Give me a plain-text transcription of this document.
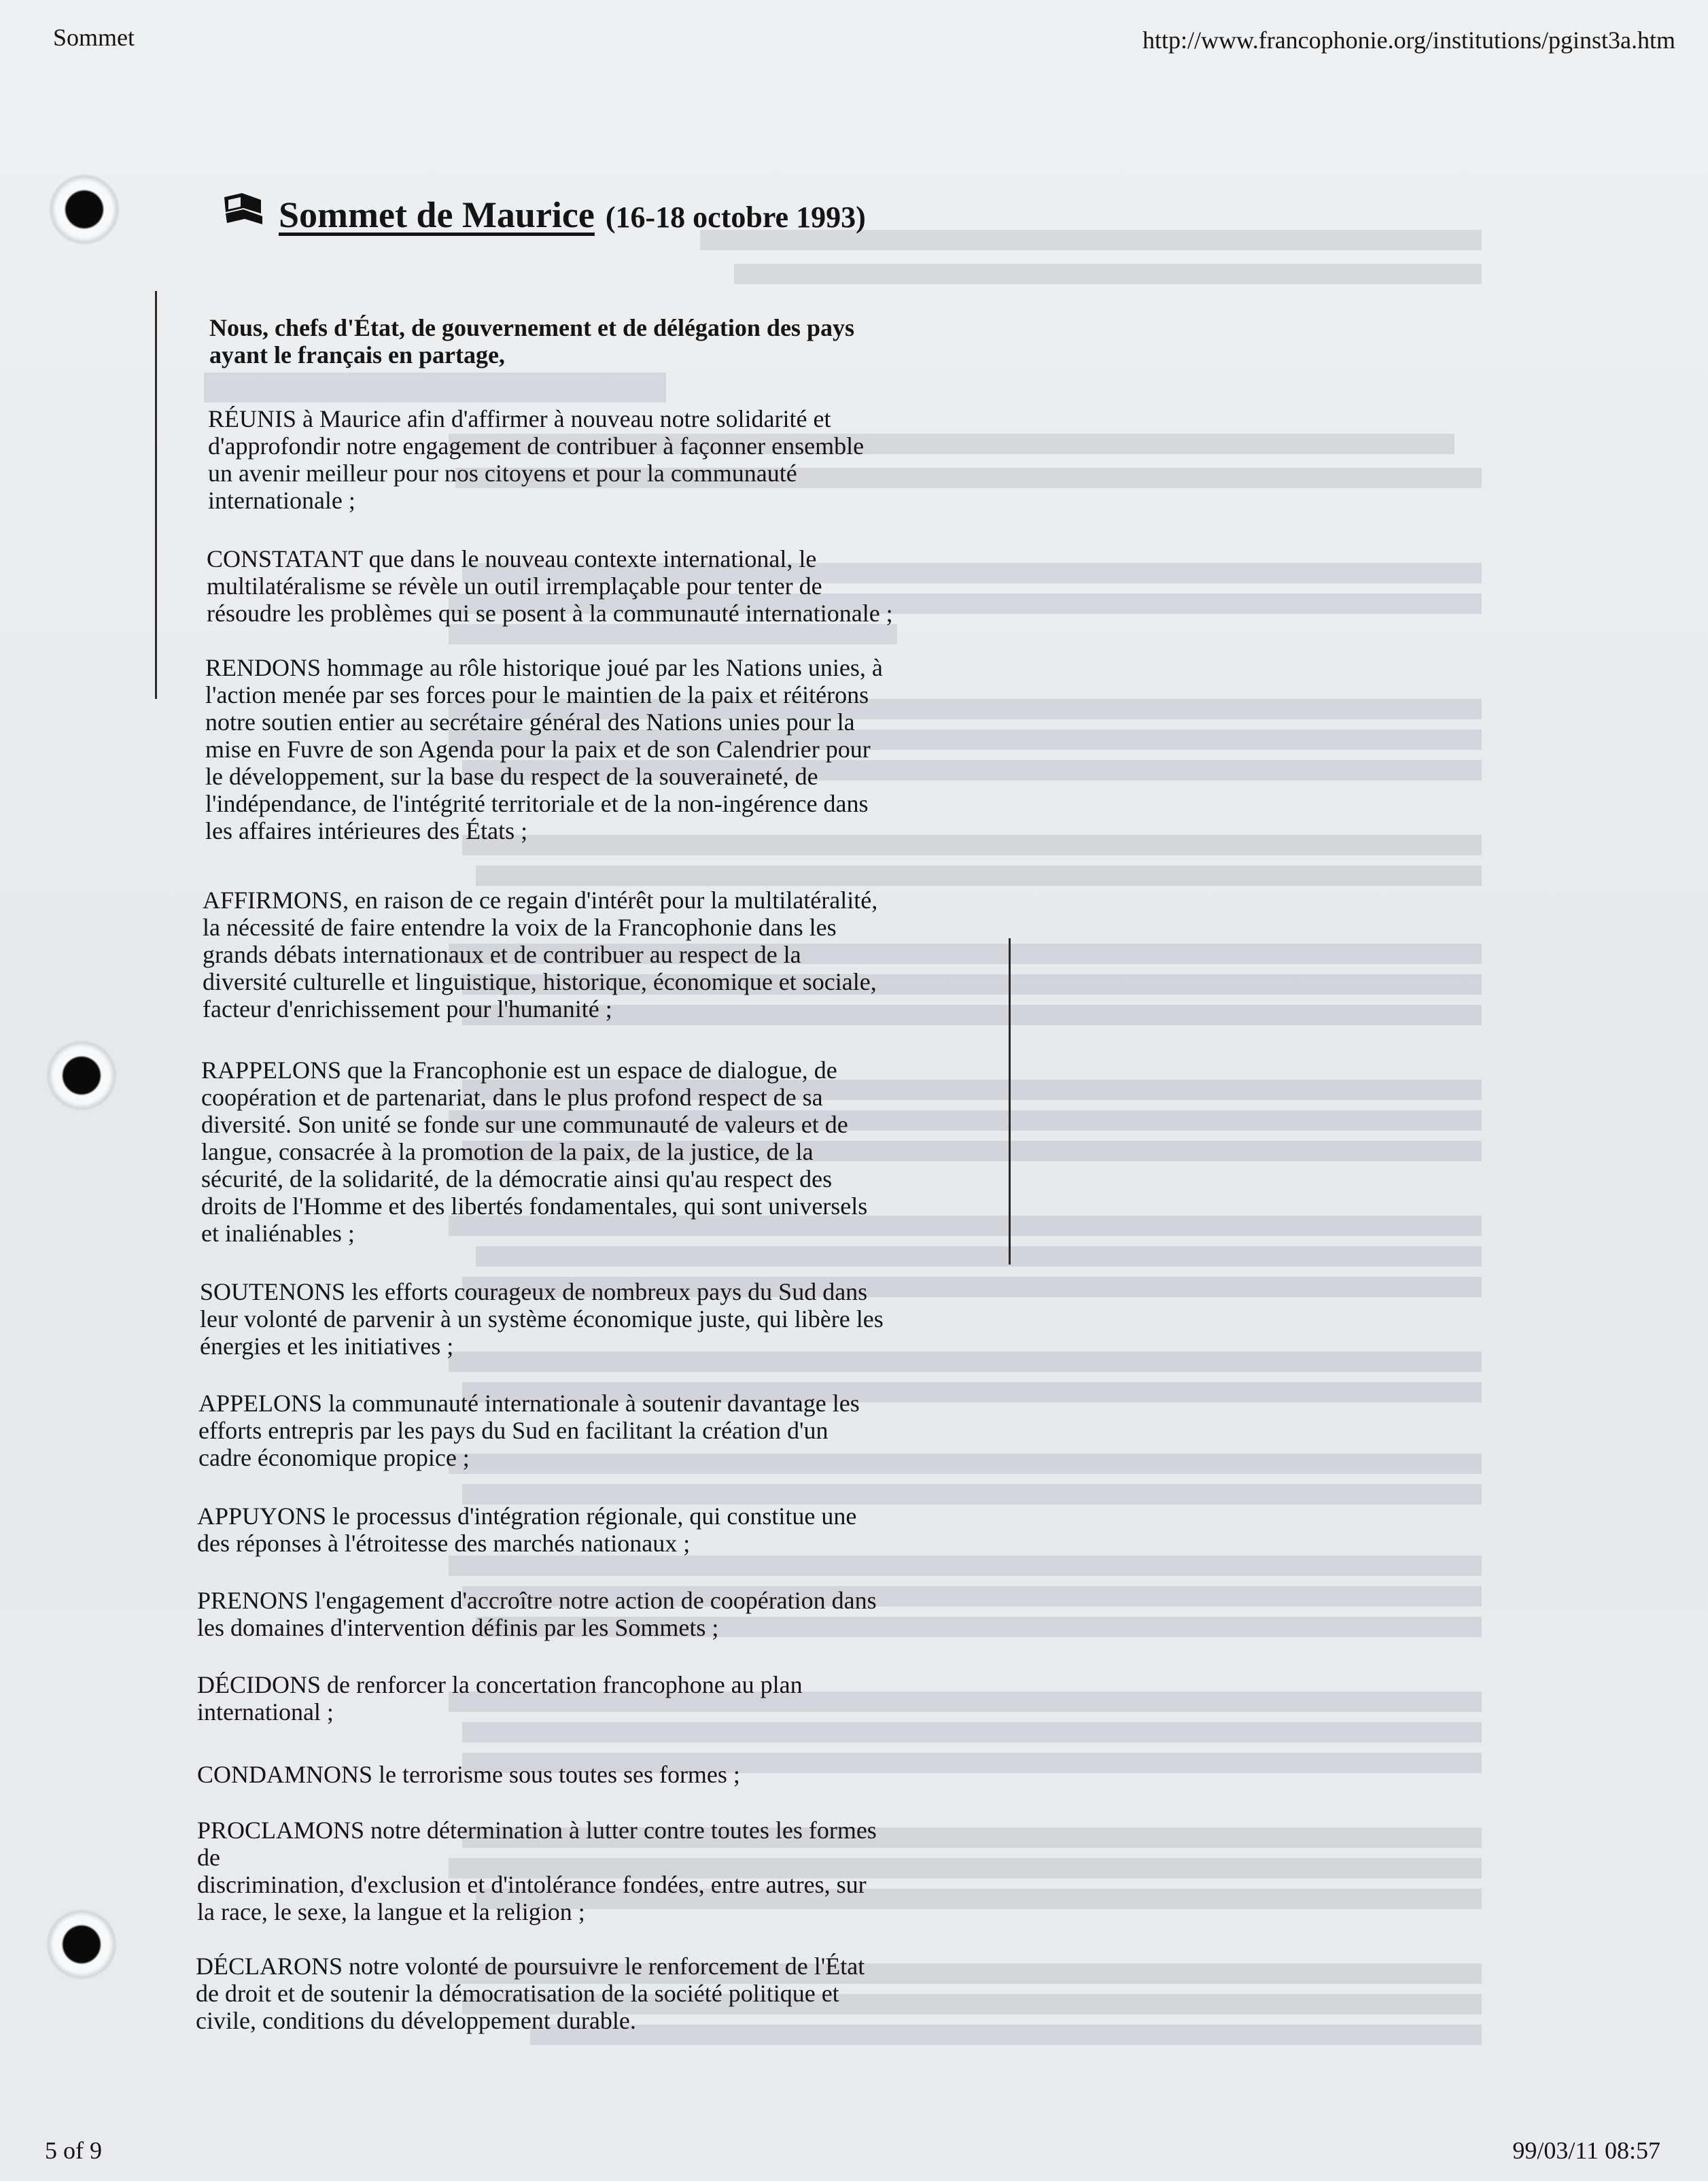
Sommet	http://www.francophonie.org/institutions/pginst3a.htm
Sommet de Maurice (16-18 octobre 1993)

Nous, chefs d'État, de gouvernement et de délégation des pays
ayant le français en partage,

RÉUNIS à Maurice afin d'affirmer à nouveau notre solidarité et
d'approfondir notre engagement de contribuer à façonner ensemble
un avenir meilleur pour nos citoyens et pour la communauté
internationale ;

CONSTATANT que dans le nouveau contexte international, le
multilatéralisme se révèle un outil irremplaçable pour tenter de
résoudre les problèmes qui se posent à la communauté internationale ;

RENDONS hommage au rôle historique joué par les Nations unies, à
l'action menée par ses forces pour le maintien de la paix et réitérons
notre soutien entier au secrétaire général des Nations unies pour la
mise en Fuvre de son Agenda pour la paix et de son Calendrier pour
le développement, sur la base du respect de la souveraineté, de
l'indépendance, de l'intégrité territoriale et de la non-ingérence dans
les affaires intérieures des États ;

AFFIRMONS, en raison de ce regain d'intérêt pour la multilatéralité,
la nécessité de faire entendre la voix de la Francophonie dans les
grands débats internationaux et de contribuer au respect de la
diversité culturelle et linguistique, historique, économique et sociale,
facteur d'enrichissement pour l'humanité ;

RAPPELONS que la Francophonie est un espace de dialogue, de
coopération et de partenariat, dans le plus profond respect de sa
diversité. Son unité se fonde sur une communauté de valeurs et de
langue, consacrée à la promotion de la paix, de la justice, de la
sécurité, de la solidarité, de la démocratie ainsi qu'au respect des
droits de l'Homme et des libertés fondamentales, qui sont universels
et inaliénables ;

SOUTENONS les efforts courageux de nombreux pays du Sud dans
leur volonté de parvenir à un système économique juste, qui libère les
énergies et les initiatives ;

APPELONS la communauté internationale à soutenir davantage les
efforts entrepris par les pays du Sud en facilitant la création d'un
cadre économique propice ;

APPUYONS le processus d'intégration régionale, qui constitue une
des réponses à l'étroitesse des marchés nationaux ;

PRENONS l'engagement d'accroître notre action de coopération dans
les domaines d'intervention définis par les Sommets ;

DÉCIDONS de renforcer la concertation francophone au plan
international ;

CONDAMNONS le terrorisme sous toutes ses formes ;

PROCLAMONS notre détermination à lutter contre toutes les formes
de
discrimination, d'exclusion et d'intolérance fondées, entre autres, sur
la race, le sexe, la langue et la religion ;

DÉCLARONS notre volonté de poursuivre le renforcement de l'État
de droit et de soutenir la démocratisation de la société politique et
civile, conditions du développement durable.

5 of 9	99/03/11 08:57
